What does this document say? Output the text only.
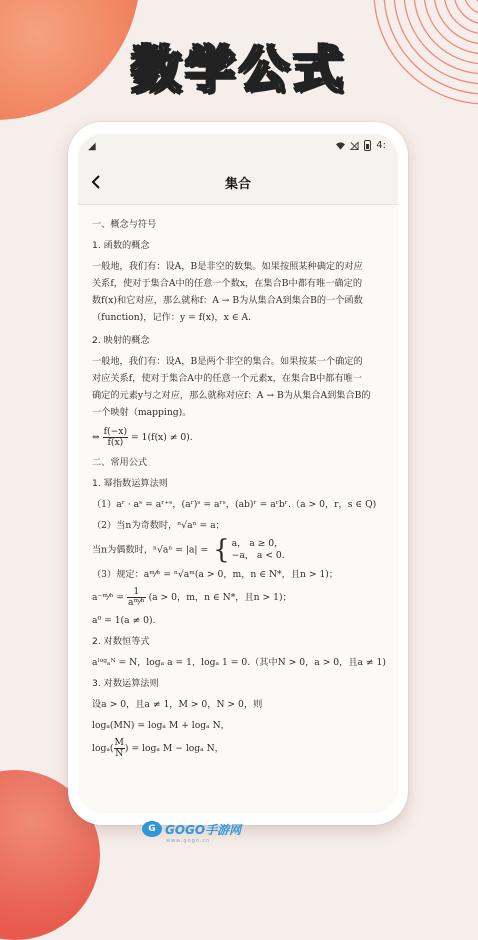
数学公式
◢	4:
集合

一、概念与符号

1. 函数的概念

一般地，我们有：设A，B是非空的数集。如果按照某种确定的对应
关系f，使对于集合A中的任意一个数x，在集合B中都有唯一确定的
数f(x)和它对应，那么就称f：A → B为从集合A到集合B的一个函数
（function)，记作：y = f(x)，x ∈ A.

2. 映射的概念

一般地，我们有：设A，B是两个非空的集合。如果按某一个确定的
对应关系f，使对于集合A中的任意一个元素x，在集合B中都有唯一
确定的元素y与之对应，那么就称对应f：A → B为从集合A到集合B的
一个映射（mapping)。

⇔ $\frac{f(-x)}{f(x)} = 1(f(x) \ne 0)$.

二、常用公式

1. 幂指数运算法则

（1）aʳ · aˢ = aʳ⁺ˢ，(aʳ)ˢ = aʳˢ，(ab)ʳ = aʳbʳ.（a > 0，r，s ∈ Q)

（2）当n为奇数时，ⁿ√aⁿ = a；

当n为偶数时，ⁿ√aⁿ = |a| = { a， a ≥ 0，
−a， a < 0.

（3）规定：aᵐ⁄ⁿ = ⁿ√aᵐ(a > 0，m，n ∈ N*，且n > 1)；

a⁻ᵐ⁄ⁿ = $\frac{1}{\text{aᵐ⁄ⁿ}} (a > 0$，m，n ∈ N*，且n > 1)；

a⁰ = 1(a ≠ 0).

2. 对数恒等式

aˡᵒᵍₐᴺ = N，logₐ a = 1，logₐ 1 = 0.（其中N > 0，a > 0，且a ≠ 1)

3. 对数运算法则

设a > 0，且a ≠ 1，M > 0，N > 0，则

logₐ(MN) = logₐ M + logₐ N，

$\log_a( \frac{M}{N}$ ) = logₐ M − logₐ N，

G GOGO手游网
www.gogo.cn
